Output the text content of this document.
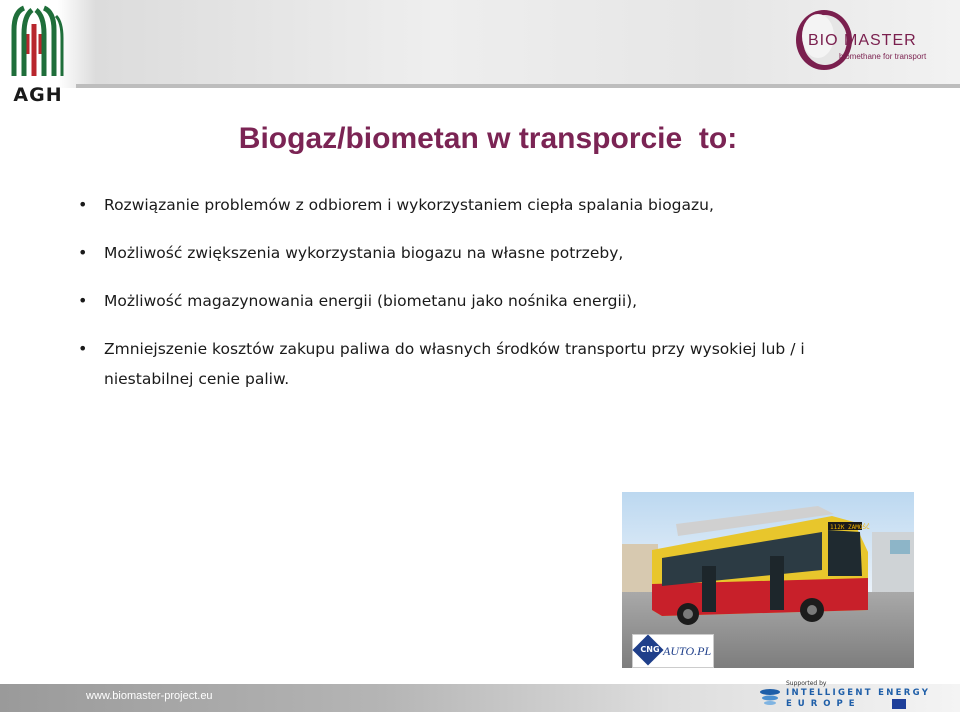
AGH
BIO MASTER
biomethane for transport
Biogaz/biometan w transporcie  to:
• Rozwiązanie problemów z odbiorem i wykorzystaniem ciepła spalania biogazu,
• Możliwość zwiększenia wykorzystania biogazu na własne potrzeby,
• Możliwość magazynowania energii (biometanu jako nośnika energii),
• Zmniejszenie kosztów zakupu paliwa do własnych środków transportu przy wysokiej lub / i
niestabilnej cenie paliw.
112K ZAMOŚĆ
CNG AUTO.PL
www.biomaster-project.eu
Supported by
INTELLIGENT ENERGY
EUROPE
